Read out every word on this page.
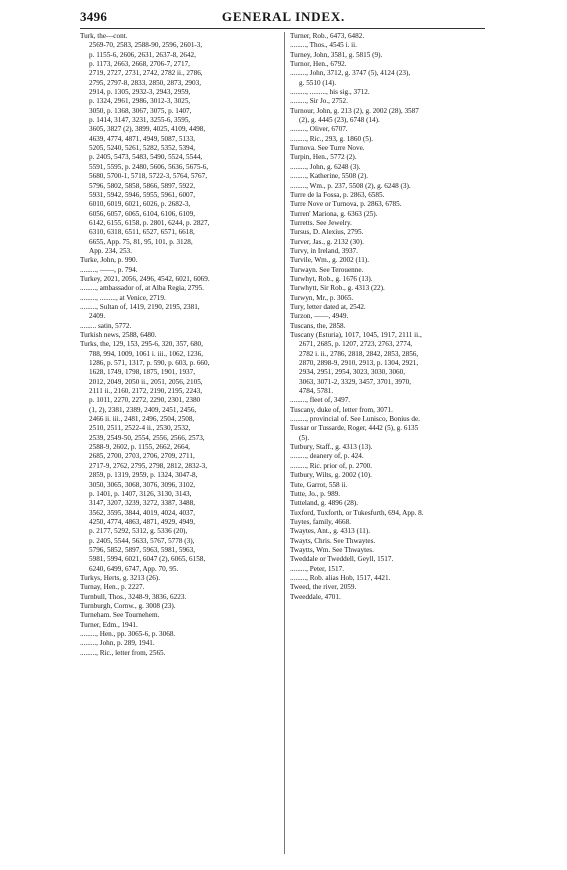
3496	GENERAL INDEX.
Turk, the—cont.
2569-70, 2583, 2588-90, 2596, 2601-3,
p. 1155-6, 2606, 2631, 2637-8, 2642,
p. 1173, 2663, 2668, 2706-7, 2717,
2719, 2727, 2731, 2742, 2782 ii., 2786,
2795, 2797-8, 2833, 2850, 2873, 2903,
2914, p. 1305, 2932-3, 2943, 2959,
p. 1324, 2961, 2986, 3012-3, 3025,
3050, p. 1368, 3067, 3075, p. 1407,
p. 1414, 3147, 3231, 3255-6, 3595,
3605, 3827 (2), 3899, 4025, 4109, 4498,
4639, 4774, 4871, 4949, 5087, 5133,
5205, 5240, 5261, 5282, 5352, 5394,
p. 2405, 5473, 5483, 5490, 5524, 5544,
5591, 5595, p. 2480, 5606, 5636, 5675-6,
5680, 5700-1, 5718, 5722-3, 5764, 5767,
5796, 5802, 5858, 5866, 5897, 5922,
5931, 5942, 5946, 5955, 5961, 6007,
6010, 6019, 6021, 6026, p. 2682-3,
6056, 6057, 6065, 6104, 6106, 6109,
6142, 6155, 6158, p. 2801, 6244, p. 2827,
6310, 6318, 6511, 6527, 6571, 6618,
6655, App. 75, 81, 95, 101, p. 3128,
App. 234, 253.
Turke, John, p. 990.
........., ——, p. 794.
Turkey, 2021, 2056, 2496, 4542, 6021, 6069.
........., ambassador of, at Alba Regia, 2795.
........., ........., at Venice, 2719.
........., Sultan of, 1419, 2190, 2195, 2381,
2409.
......... satin, 5772.
Turkish news, 2588, 6480.
Turks, the, 129, 153, 295-6, 320, 357, 680,
788, 994, 1009, 1061 i. iii., 1062, 1236,
1286, p. 571, 1317, p. 590, p. 603, p. 660,
1628, 1749, 1798, 1875, 1901, 1937,
2012, 2049, 2050 ii., 2051, 2056, 2105,
2111 ii., 2160, 2172, 2190, 2195, 2243,
p. 1011, 2270, 2272, 2290, 2301, 2380
(1, 2), 2381, 2389, 2409, 2451, 2456,
2466 ii. iii., 2481, 2496, 2504, 2508,
2510, 2511, 2522-4 ii., 2530, 2532,
2539, 2549-50, 2554, 2556, 2566, 2573,
2588-9, 2602, p. 1155, 2662, 2664,
2685, 2700, 2703, 2706, 2709, 2711,
2717-9, 2762, 2795, 2798, 2812, 2832-3,
2859, p. 1319, 2959, p. 1324, 3047-8,
3050, 3065, 3068, 3076, 3096, 3102,
p. 1401, p. 1407, 3126, 3130, 3143,
3147, 3207, 3239, 3272, 3387, 3488,
3562, 3595, 3844, 4019, 4024, 4037,
4250, 4774, 4863, 4871, 4929, 4949,
p. 2177, 5292, 5312, g. 5336 (20),
p. 2405, 5544, 5633, 5767, 5778 (3),
5796, 5852, 5897, 5963, 5981, 5963,
5981, 5994, 6021, 6047 (2), 6065, 6158,
6240, 6499, 6747, App. 70, 95.
Turkys, Herts, g. 3213 (26).
Turnay, Hen., p. 2227.
Turnbull, Thos., 3248-9, 3836, 6223.
Turnburgh, Cornw., g. 3008 (23).
Turneham. See Tournehem.
Turner, Edm., 1941.
........., Hen., pp. 3065-6, p. 3068.
........., John, p. 289, 1941.
........., Ric., letter from, 2565.
Turner, Rob., 6473, 6482.
........., Thos., 4545 i. ii.
Turney, John, 3581, g. 5815 (9).
Turnor, Hen., 6792.
........., John, 3712, g. 3747 (5), 4124 (23),
g. 5510 (14).
........., ........., his sig., 3712.
........., Sir Jo., 2752.
Turnour, John, g. 213 (2), g. 2002 (28), 3587
(2), g. 4445 (23), 6748 (14).
........., Oliver, 6707.
........., Ric., 293, g. 1860 (5).
Turnova. See Turre Nove.
Turpin, Hen., 5772 (2).
........., John, g. 6248 (3).
........., Katherine, 5508 (2).
........., Wm., p. 237, 5508 (2), g. 6248 (3).
Turre de la Fossa, p. 2863, 6585.
Turre Nove or Turnova, p. 2863, 6785.
Turren' Mariona, g. 6363 (25).
Turretts. See Jewelry.
Tursus, D. Alexius, 2795.
Turver, Jas., g. 2132 (30).
Turvy, in Ireland, 3937.
Turvile, Wm., g. 2002 (11).
Turwayn. See Terouenne.
Turwhyt, Rob., g. 1676 (13).
Turwhytt, Sir Rob., g. 4313 (22).
Turwyn, Mr., p. 3065.
Tury, letter dated at, 2542.
Turzon, ——, 4949.
Tuscans, the, 2858.
Tuscany (Esturia), 1017, 1045, 1917, 2111 ii.,
2671, 2685, p. 1207, 2723, 2763, 2774,
2782 i. ii., 2786, 2818, 2842, 2853, 2856,
2870, 2898-9, 2910, 2913, p. 1304, 2921,
2934, 2951, 2954, 3023, 3030, 3060,
3063, 3071-2, 3329, 3457, 3701, 3970,
4784, 5781.
........., fleet of, 3497.
Tuscany, duke of, letter from, 3071.
........., provincial of. See Lunisco, Bonius de.
Tussar or Tussarde, Roger, 4442 (5), g. 6135
(5).
Tutbury, Staff., g. 4313 (13).
........., deanery of, p. 424.
........., Ric. prior of, p. 2700.
Tutbury, Wilts, g. 2002 (10).
Tute, Garrot, 558 ii.
Tutte, Jo., p. 989.
Tutteland, g. 4896 (28).
Tuxford, Tuxforth, or Tukesfurth, 694, App. 8.
Tuytes, family, 4668.
Twaytes, Ant., g. 4313 (11).
Twayts, Chris. See Thwaytes.
Twaytts, Wm. See Thwaytes.
Tweddale or Tweddell, Geyll, 1517.
........., Peter, 1517.
........., Rob. alias Hob, 1517, 4421.
Tweed, the river, 2059.
Tweeddale, 4701.
